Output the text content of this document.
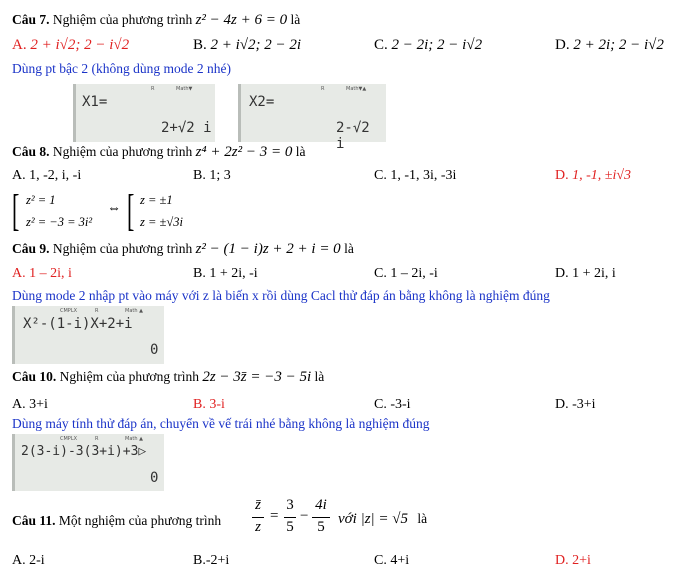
Câu 7. Nghiệm của phương trình z² − 4z + 6 = 0 là
A. 2 + i√2; 2 − i√2	B. 2 + i√2; 2 − 2i	C. 2 − 2i; 2 − i√2	D. 2 + 2i; 2 − i√2
Dùng pt bậc 2 (không dùng mode 2 nhé)
R	Math▼
X1=
2+√2 i
R	Math▼▲
X2=
2-√2 i
Câu 8. Nghiệm của phương trình z⁴ + 2z² − 3 = 0 là
A. 1, -2, i, -i	B. 1; 3	C. 1, -1, 3i, -3i	D. 1, -1, ±i√3
[ z² = 1
z² = −3 = 3i²
⇔ [ z = ±1
z = ±√3i
Câu 9. Nghiệm của phương trình z² − (1 − i)z + 2 + i = 0 là
A. 1 – 2i, i	B. 1 + 2i, -i	C. 1 – 2i, -i	D. 1 + 2i, i
Dùng mode 2 nhập pt vào máy với z là biến x rồi dùng Cacl thử đáp án bằng không là nghiệm đúng
CMPLX	R	Math ▲
X²-(1-i)X+2+i
0
Câu 10. Nghiệm của phương trình 2z − 3z̄ = −3 − 5i là
A. 3+i	B. 3-i	C. -3-i	D. -3+i
Dùng máy tính thử đáp án, chuyển về vế trái nhé bằng không là nghiệm đúng
CMPLX	R	Math ▲
2(3-i)-3(3+i)+3▷
0
Câu 11. Một nghiệm của phương trình
z̄
z
=
3
5
−
4i
5 với |z| = √5 là
A. 2-i	B.-2+i	C. 4+i	D. 2+i
